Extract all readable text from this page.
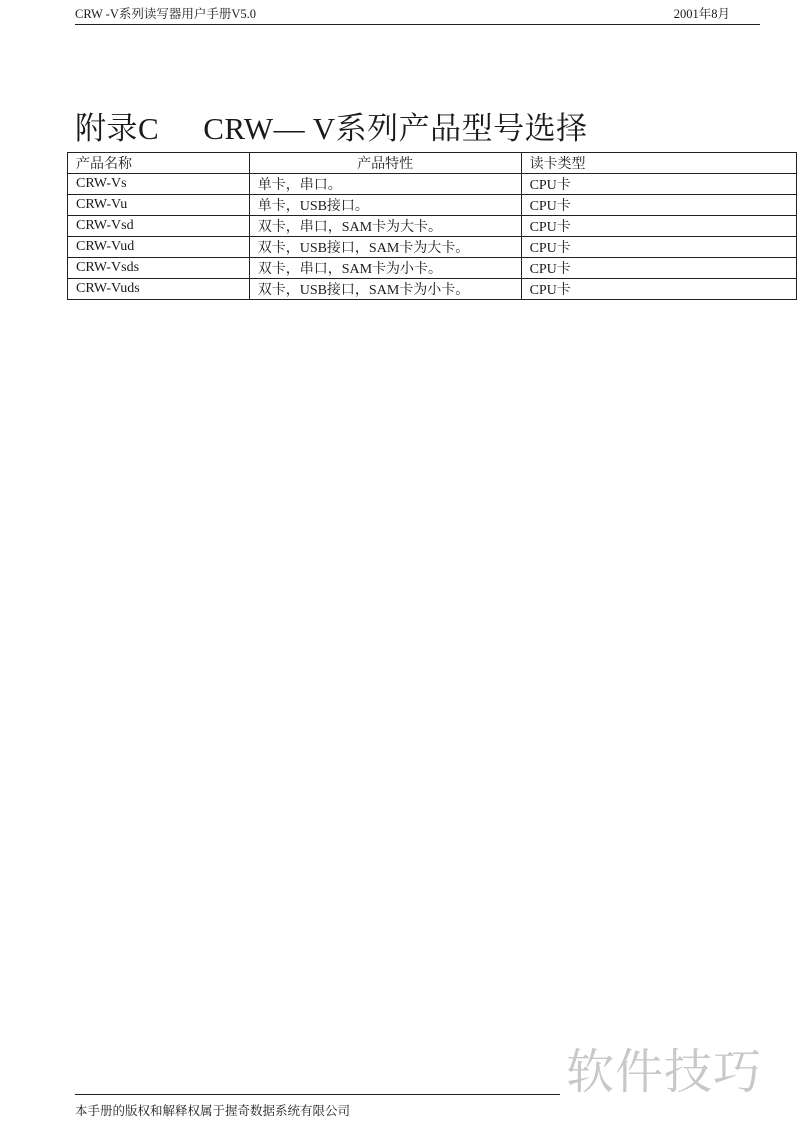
CRW -V系列读写器用户手册V5.0	2001年8月
附录C CRW— V系列产品型号选择
产品名称	产品特性	读卡类型
CRW-Vs	单卡，串口。	CPU卡
CRW-Vu	单卡，USB接口。	CPU卡
CRW-Vsd	双卡，串口，SAM卡为大卡。	CPU卡
CRW-Vud	双卡，USB接口，SAM卡为大卡。	CPU卡
CRW-Vsds	双卡，串口，SAM卡为小卡。	CPU卡
CRW-Vuds	双卡，USB接口，SAM卡为小卡。	CPU卡
本手册的版权和解释权属于握奇数据系统有限公司
软件技巧
